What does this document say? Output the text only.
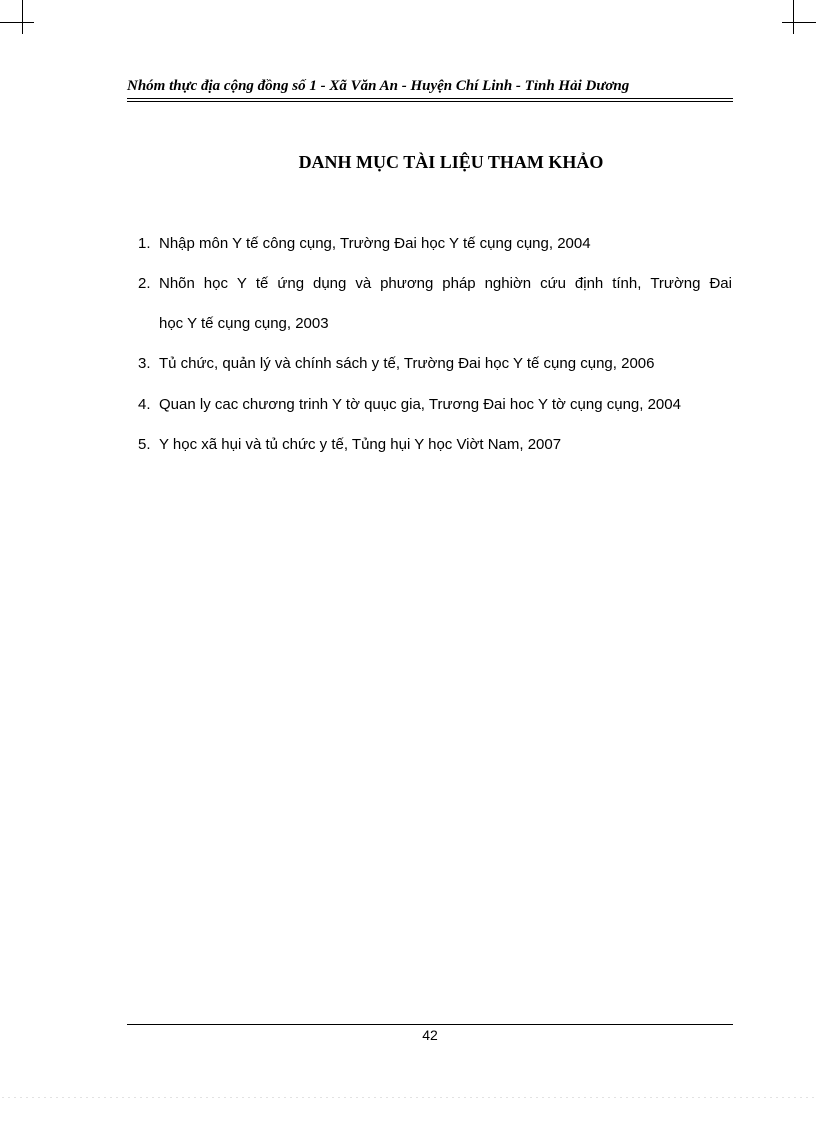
Nhóm thực địa cộng đồng số 1 - Xã Văn An - Huyện Chí Linh - Tỉnh Hải Dương
DANH MỤC TÀI LIỆU THAM KHẢO
1. Nhập môn Y tế công cụng, Trường Đai học Y tế cụng cụng, 2004
2. Nhõn học Y tế ứng dụng và phương pháp nghiờn cứu định tính, Trường Đai
học Y tế cụng cụng, 2003
3. Tủ chức, quản lý và chính sách y tế, Trường Đai học Y tế cụng cụng, 2006
4. Quan ly cac chương trinh Y tờ quục gia, Trương Đai hoc Y tờ cụng cụng, 2004
5. Y học xã hụi và tủ chức y tế, Tủng hụi Y học Viờt Nam, 2007
42
